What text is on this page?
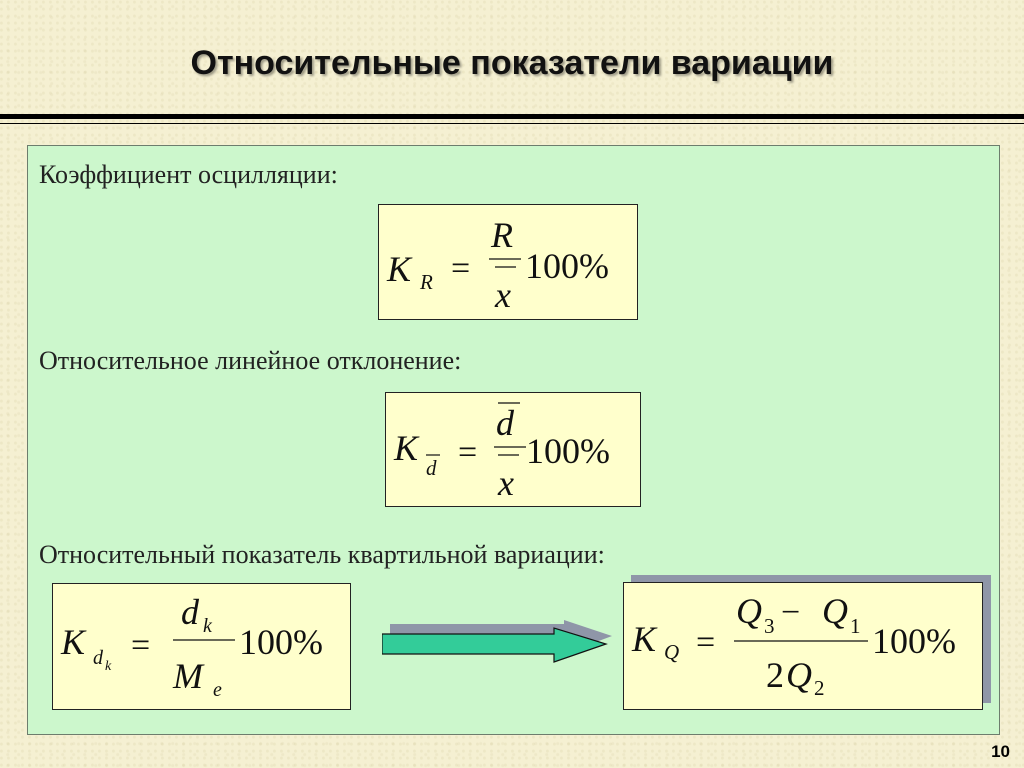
Относительные показатели вариации
Коэффициент осцилляции:
K R =
R
x
100%
Относительное линейное отклонение:
K d =
d
x
100%
Относительный показатель квартильной вариации:
K d k
=
d k
M e
100%	K Q =
Q 3 − Q 1
2 Q 2
100%
10
